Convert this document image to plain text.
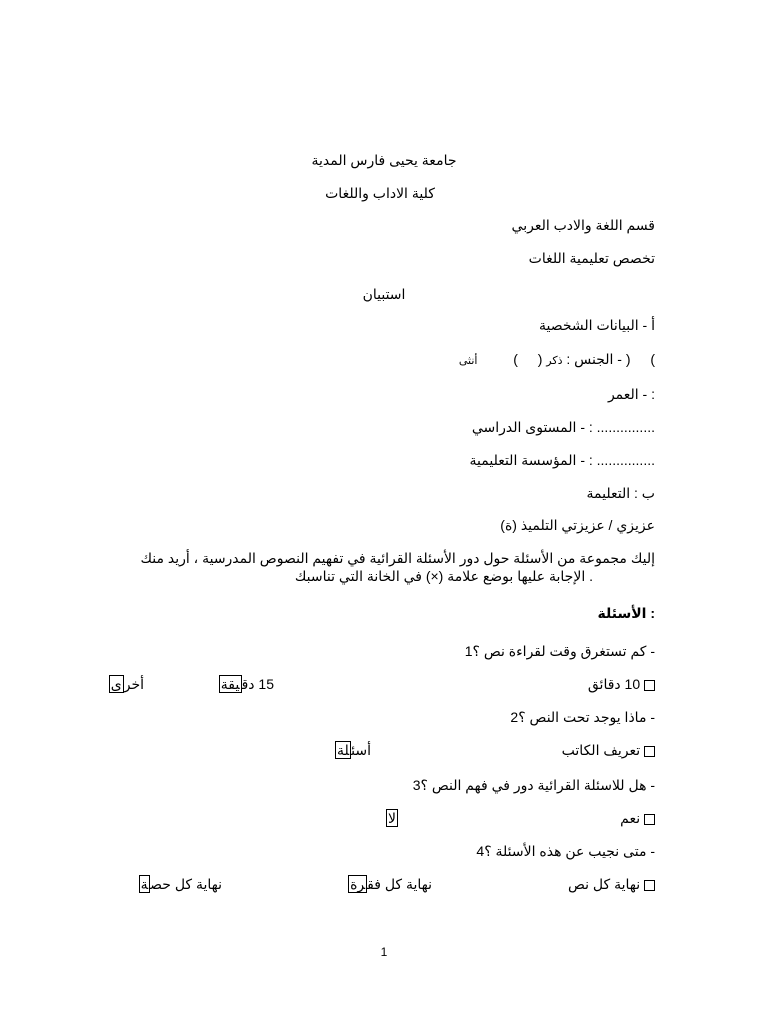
جامعة يحيى فارس المدية
كلية الاداب واللغات
قسم اللغة والادب العربي
تخصص تعليمية اللغات
استبيان
أ - البيانات الشخصية
)  ( - الجنس : ذكر (  )  أنثى
: - العمر
............... : - المستوى الدراسي
............... : - المؤسسة التعليمية
ب : التعليمة
عزيزي / عزيزتي التلميذ (ة)
إليك مجموعة من الأسئلة حول دور الأسئلة القرائية في تفهيم النصوص المدرسية ، أريد منك
. الإجابة عليها بوضع علامة (×) في الخانة التي تناسبك
: الأسئلة
- كم تستغرق وقت لقراءة نص ؟1
10 دقائق
15 دقيقة
أخرى
- ماذا يوجد تحت النص ؟2
تعريف الكاتب
أسئلة
- هل للاسئلة القرائية دور في فهم النص ؟3
نعم
لا
- متى نجيب عن هذه الأسئلة ؟4
نهاية كل نص
نهاية كل فقرة
نهاية كل حصة
1
